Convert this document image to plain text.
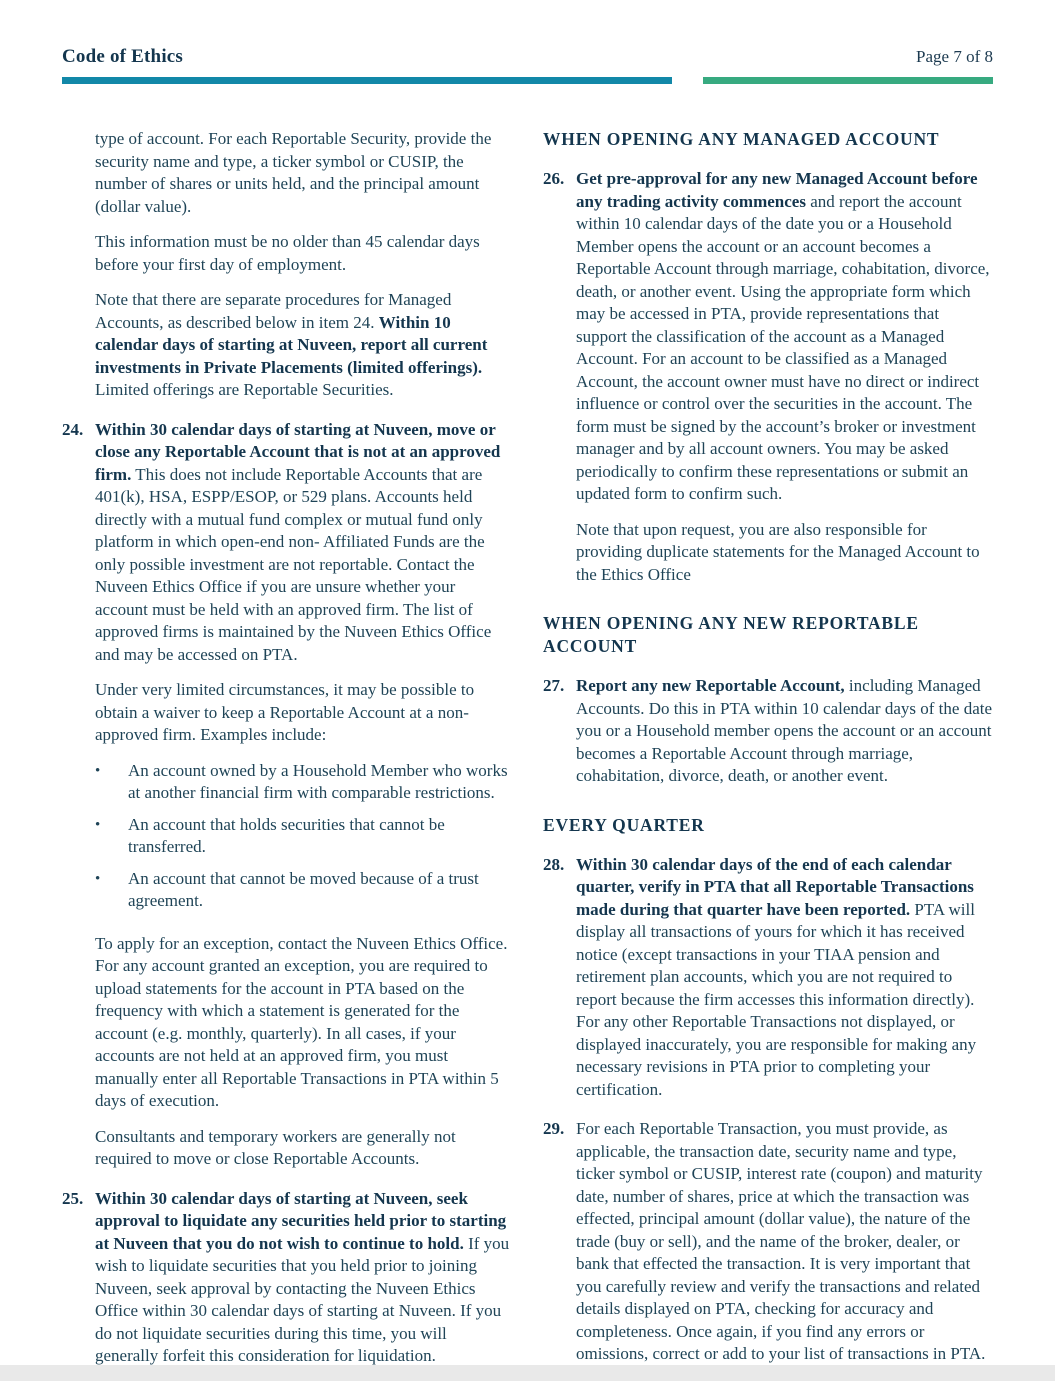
Code of Ethics	Page 7 of 8

type of account. For each Reportable Security, provide the security name and type, a ticker symbol or CUSIP, the number of shares or units held, and the principal amount (dollar value).

This information must be no older than 45 calendar days before your first day of employment.

Note that there are separate procedures for Managed Accounts, as described below in item 24. Within 10 calendar days of starting at Nuveen, report all current investments in Private Placements (limited offerings). Limited offerings are Reportable Securities.

24. Within 30 calendar days of starting at Nuveen, move or close any Reportable Account that is not at an approved firm. This does not include Reportable Accounts that are 401(k), HSA, ESPP/ESOP, or 529 plans. Accounts held directly with a mutual fund complex or mutual fund only platform in which open-end non- Affiliated Funds are the only possible investment are not reportable. Contact the Nuveen Ethics Office if you are unsure whether your account must be held with an approved firm. The list of approved firms is maintained by the Nuveen Ethics Office and may be accessed on PTA.

Under very limited circumstances, it may be possible to obtain a waiver to keep a Reportable Account at a non-approved firm. Examples include:

•	An account owned by a Household Member who works at another financial firm with comparable restrictions.
•	An account that holds securities that cannot be transferred.
•	An account that cannot be moved because of a trust agreement.

To apply for an exception, contact the Nuveen Ethics Office. For any account granted an exception, you are required to upload statements for the account in PTA based on the frequency with which a statement is generated for the account (e.g. monthly, quarterly). In all cases, if your accounts are not held at an approved firm, you must manually enter all Reportable Transactions in PTA within 5 days of execution.

Consultants and temporary workers are generally not required to move or close Reportable Accounts.

25. Within 30 calendar days of starting at Nuveen, seek approval to liquidate any securities held prior to starting at Nuveen that you do not wish to continue to hold. If you wish to liquidate securities that you held prior to joining Nuveen, seek approval by contacting the Nuveen Ethics Office within 30 calendar days of starting at Nuveen. If you do not liquidate securities during this time, you will generally forfeit this consideration for liquidation.
WHEN OPENING ANY MANAGED ACCOUNT
26. Get pre-approval for any new Managed Account before any trading activity commences and report the account within 10 calendar days of the date you or a Household Member opens the account or an account becomes a Reportable Account through marriage, cohabitation, divorce, death, or another event. Using the appropriate form which may be accessed in PTA, provide representations that support the classification of the account as a Managed Account. For an account to be classified as a Managed Account, the account owner must have no direct or indirect influence or control over the securities in the account. The form must be signed by the account’s broker or investment manager and by all account owners. You may be asked periodically to confirm these representations or submit an updated form to confirm such.

Note that upon request, you are also responsible for providing duplicate statements for the Managed Account to the Ethics Office

WHEN OPENING ANY NEW REPORTABLE ACCOUNT
27. Report any new Reportable Account, including Managed Accounts. Do this in PTA within 10 calendar days of the date you or a Household member opens the account or an account becomes a Reportable Account through marriage, cohabitation, divorce, death, or another event.
EVERY QUARTER
28. Within 30 calendar days of the end of each calendar quarter, verify in PTA that all Reportable Transactions made during that quarter have been reported. PTA will display all transactions of yours for which it has received notice (except transactions in your TIAA pension and retirement plan accounts, which you are not required to report because the firm accesses this information directly). For any other Reportable Transactions not displayed, or displayed inaccurately, you are responsible for making any necessary revisions in PTA prior to completing your certification.
29. For each Reportable Transaction, you must provide, as applicable, the transaction date, security name and type, ticker symbol or CUSIP, interest rate (coupon) and maturity date, number of shares, price at which the transaction was effected, principal amount (dollar value), the nature of the trade (buy or sell), and the name of the broker, dealer, or bank that effected the transaction. It is very important that you carefully review and verify the transactions and related details displayed on PTA, checking for accuracy and completeness. Once again, if you find any errors or omissions, correct or add to your list of transactions in PTA.
